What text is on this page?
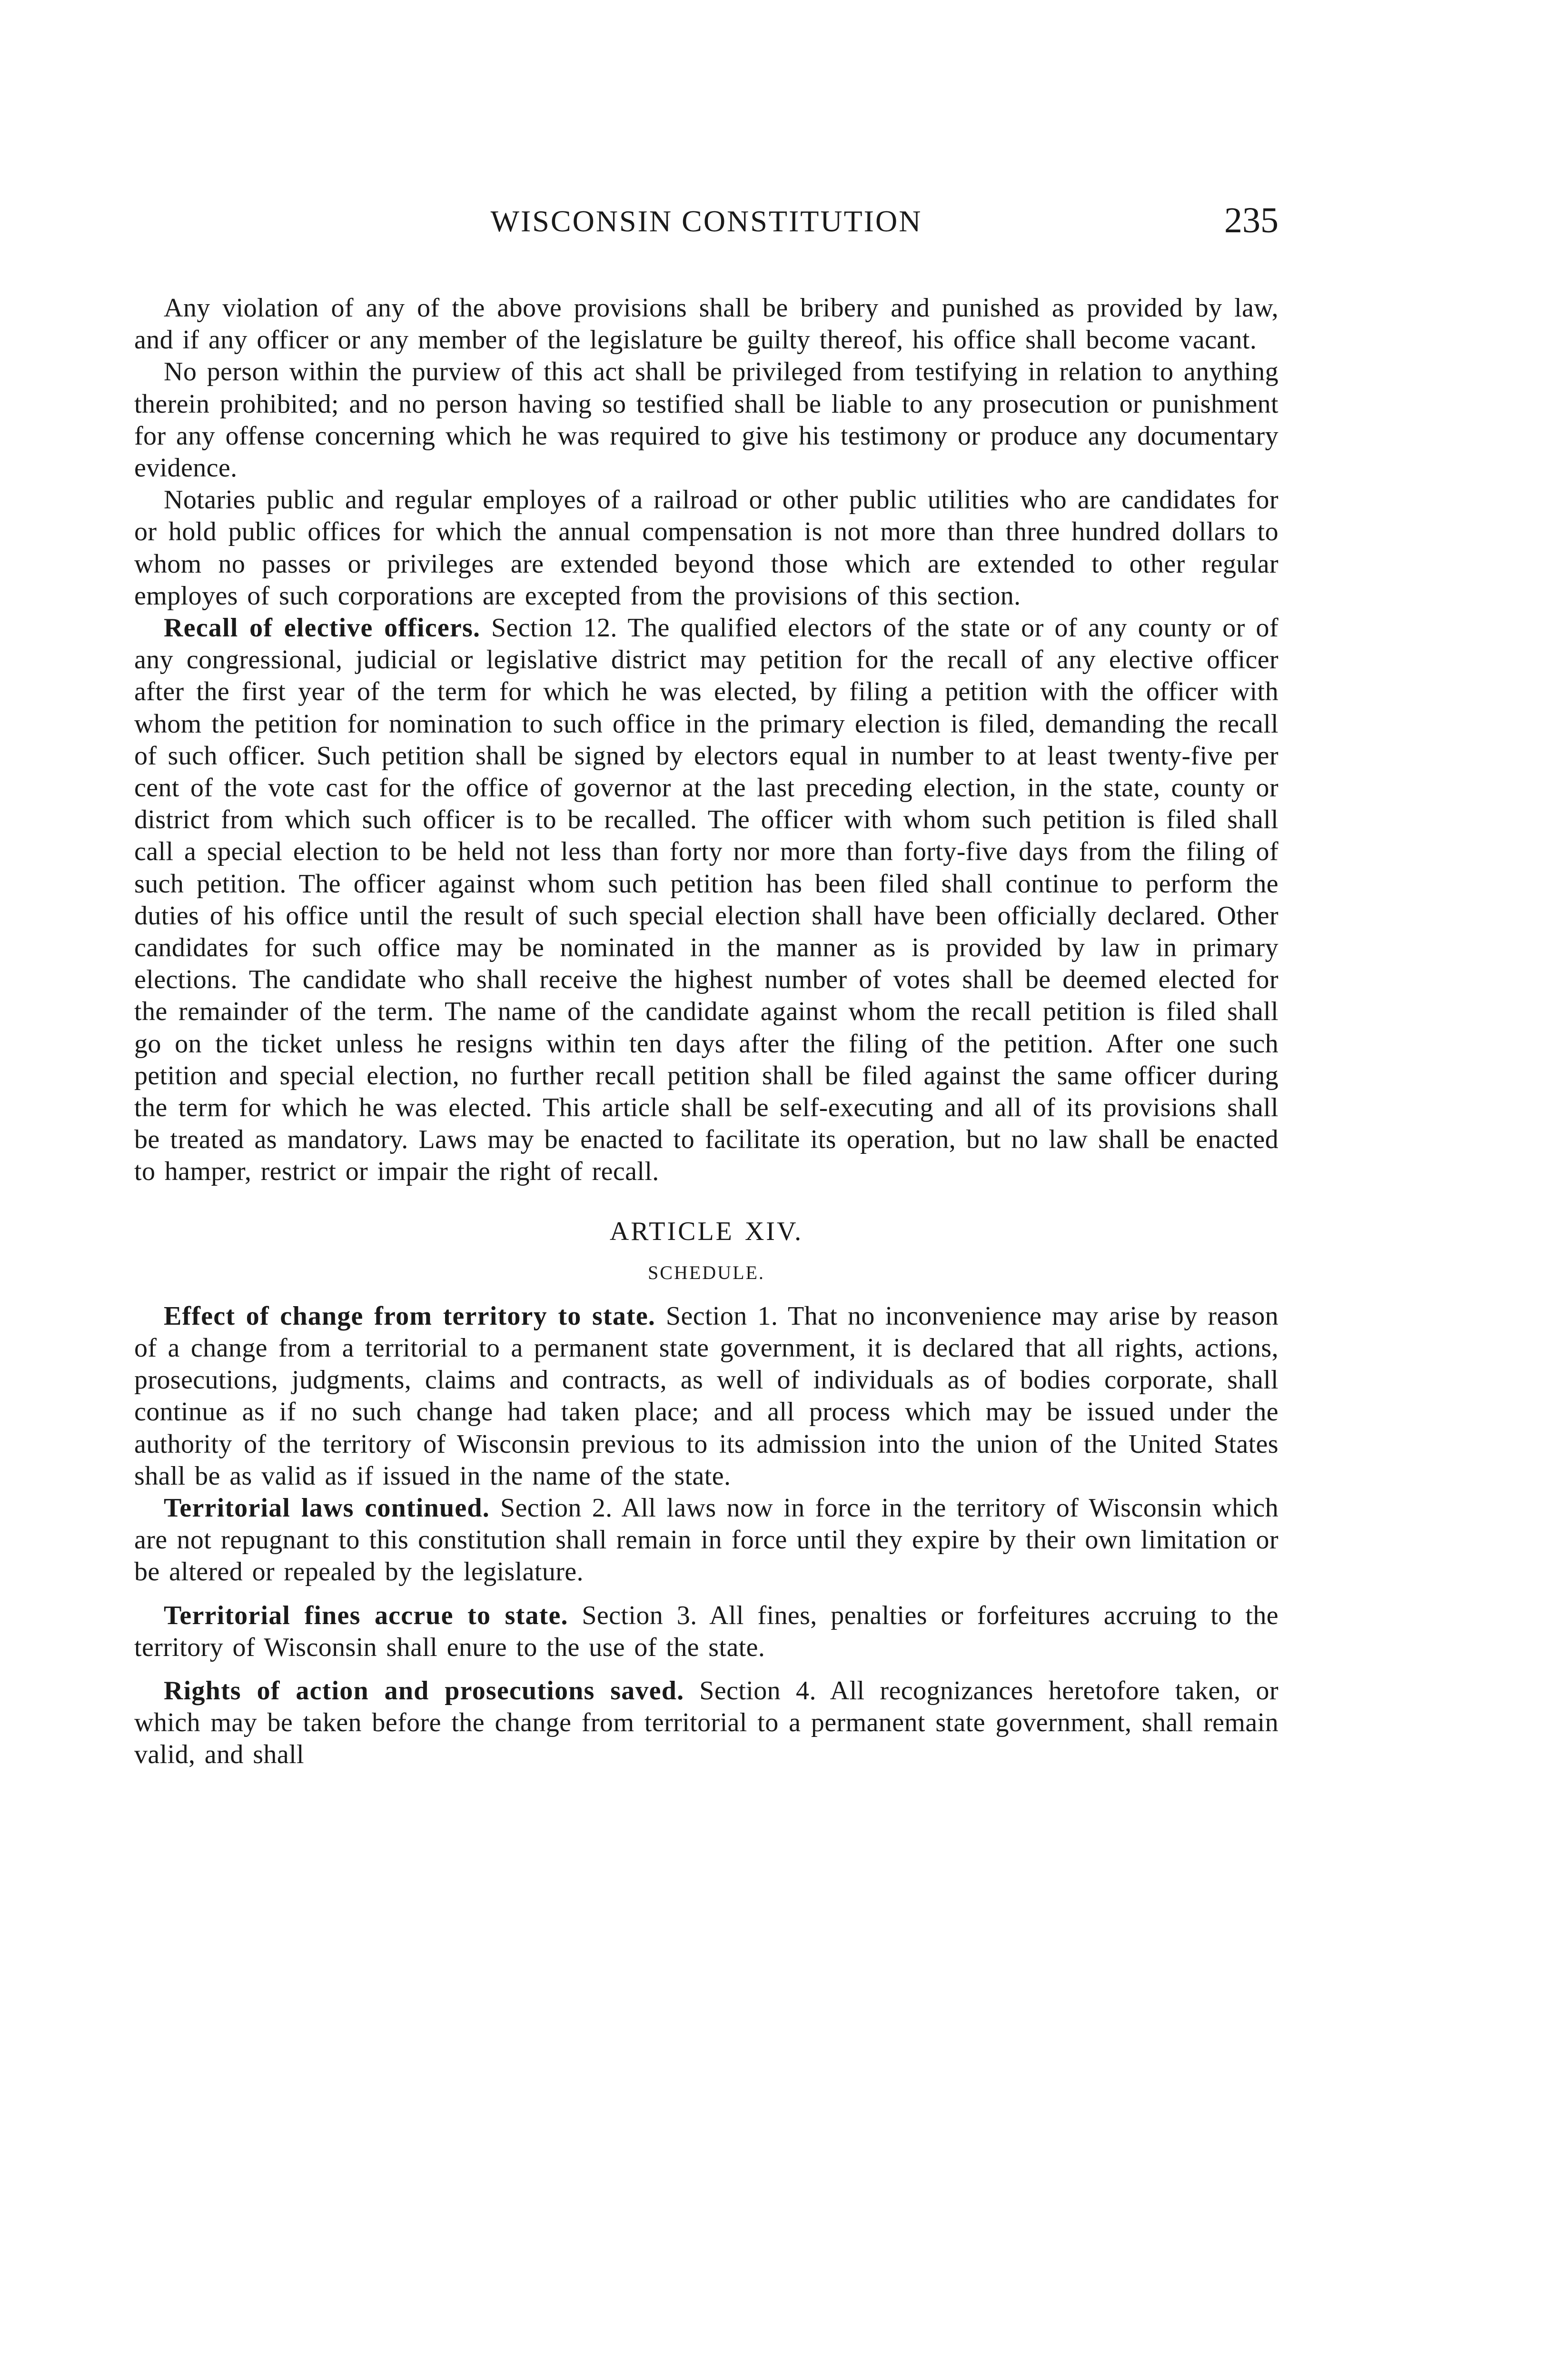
WISCONSIN CONSTITUTION	235

Any violation of any of the above provisions shall be bribery and punished as provided by law, and if any officer or any member of the legislature be guilty thereof, his office shall become vacant.

No person within the purview of this act shall be privileged from testifying in relation to anything therein prohibited; and no person having so testified shall be liable to any prosecution or punishment for any offense concerning which he was required to give his testimony or produce any documentary evidence.

Notaries public and regular employes of a railroad or other public utilities who are candidates for or hold public offices for which the annual compensation is not more than three hundred dollars to whom no passes or privileges are extended beyond those which are extended to other regular employes of such corporations are excepted from the provisions of this section.

Recall of elective officers. Section 12. The qualified electors of the state or of any county or of any congressional, judicial or legislative district may petition for the recall of any elective officer after the first year of the term for which he was elected, by filing a petition with the officer with whom the petition for nomination to such office in the primary election is filed, demanding the recall of such officer. Such petition shall be signed by electors equal in number to at least twenty-five per cent of the vote cast for the office of governor at the last preceding election, in the state, county or district from which such officer is to be recalled. The officer with whom such petition is filed shall call a special election to be held not less than forty nor more than forty-five days from the filing of such petition. The officer against whom such petition has been filed shall continue to perform the duties of his office until the result of such special election shall have been officially declared. Other candidates for such office may be nominated in the manner as is provided by law in primary elections. The candidate who shall receive the highest number of votes shall be deemed elected for the remainder of the term. The name of the candidate against whom the recall petition is filed shall go on the ticket unless he resigns within ten days after the filing of the petition. After one such petition and special election, no further recall petition shall be filed against the same officer during the term for which he was elected. This article shall be self-executing and all of its provisions shall be treated as mandatory. Laws may be enacted to facilitate its operation, but no law shall be enacted to hamper, restrict or impair the right of recall.

ARTICLE XIV.
SCHEDULE.

Effect of change from territory to state. Section 1. That no inconvenience may arise by reason of a change from a territorial to a permanent state government, it is declared that all rights, actions, prosecutions, judgments, claims and contracts, as well of individuals as of bodies corporate, shall continue as if no such change had taken place; and all process which may be issued under the authority of the territory of Wisconsin previous to its admission into the union of the United States shall be as valid as if issued in the name of the state.

Territorial laws continued. Section 2. All laws now in force in the territory of Wisconsin which are not repugnant to this constitution shall remain in force until they expire by their own limitation or be altered or repealed by the legislature.

Territorial fines accrue to state. Section 3. All fines, penalties or forfeitures accruing to the territory of Wisconsin shall enure to the use of the state.

Rights of action and prosecutions saved. Section 4. All recognizances heretofore taken, or which may be taken before the change from territorial to a permanent state government, shall remain valid, and shall
